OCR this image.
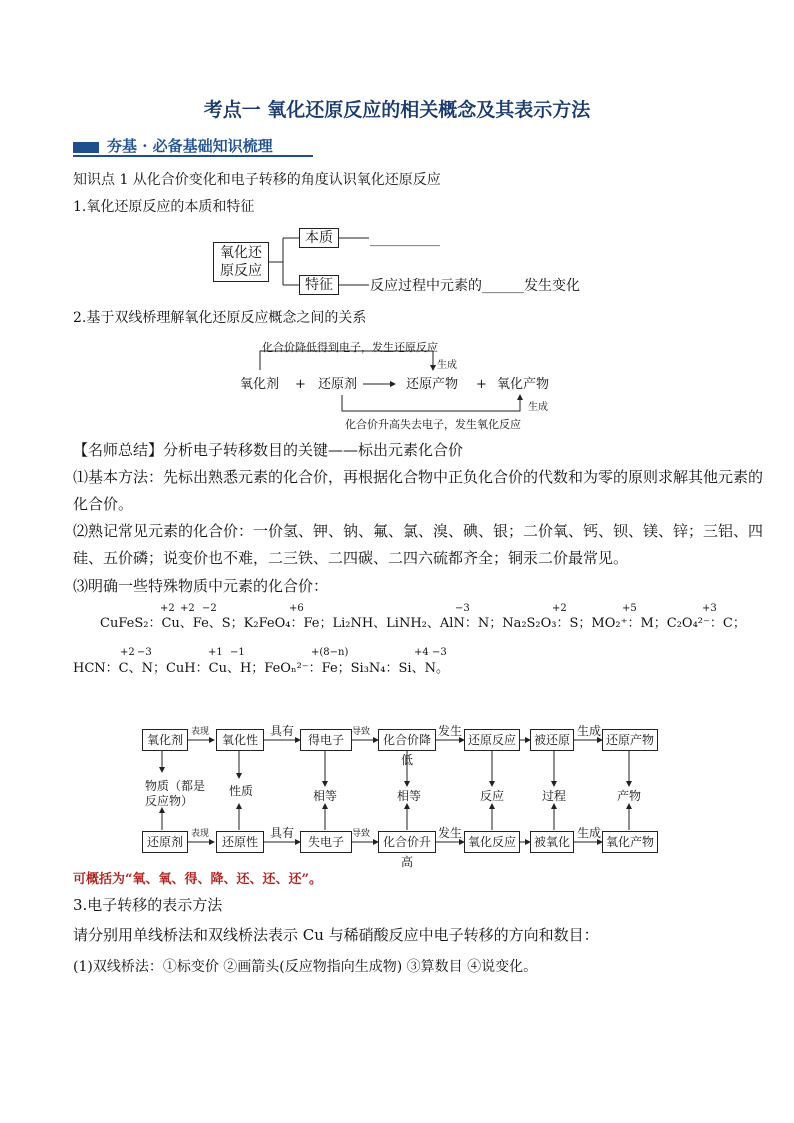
考点一 氧化还原反应的相关概念及其表示方法
夯基 · 必备基础知识梳理
知识点 1 从化合价变化和电子转移的角度认识氧化还原反应
1.氧化还原反应的本质和特征
氧化还
原反应
本质	__________
特征	反应过程中元素的______发生变化
2.基于双线桥理解氧化还原反应概念之间的关系
化合价降低得到电子，发生还原反应
生成
氧化剂 + 还原剂	还原产物 + 氧化产物
生成
化合价升高失去电子，发生氧化反应
【名师总结】分析电子转移数目的关键——标出元素化合价
⑴基本方法：先标出熟悉元素的化合价，再根据化合物中正负化合价的代数和为零的原则求解其他元素的
化合价。
⑵熟记常见元素的化合价：一价氢、钾、钠、氟、氯、溴、碘、银；二价氧、钙、钡、镁、锌；三铝、四
硅、五价磷；说变价也不难，二三铁、二四碳、二四六硫都齐全；铜汞二价最常见。
⑶明确一些特殊物质中元素的化合价：
+2 +2 −2	+6	−3	+2	+5	+3
CuFeS₂：Cu、Fe、S；K₂FeO₄：Fe；Li₂NH、LiNH₂、AlN：N；Na₂S₂O₃：S；MO₂⁺：M；C₂O₄²⁻：C；
+2 −3	+1 −1	+(8−n)	+4 −3
HCN：C、N；CuH：Cu、H；FeOₙ²⁻：Fe；Si₃N₄：Si、N。
氧化剂	氧化性	得电子	化合价降低
还原反应	被还原	还原产物
表现	具有	导致	发生	生成
物质（都是
反应物）
性质	相等	相等	反应	过程	产物
还原剂	还原性	失电子	化合价升高
氧化反应	被氧化	氧化产物
表现	具有	导致	发生	生成
可概括为“氧、氧、得、降、还、还、还”。
3.电子转移的表示方法
请分别用单线桥法和双线桥法表示 Cu 与稀硝酸反应中电子转移的方向和数目：
(1)双线桥法：①标变价 ②画箭头(反应物指向生成物) ③算数目 ④说变化。
